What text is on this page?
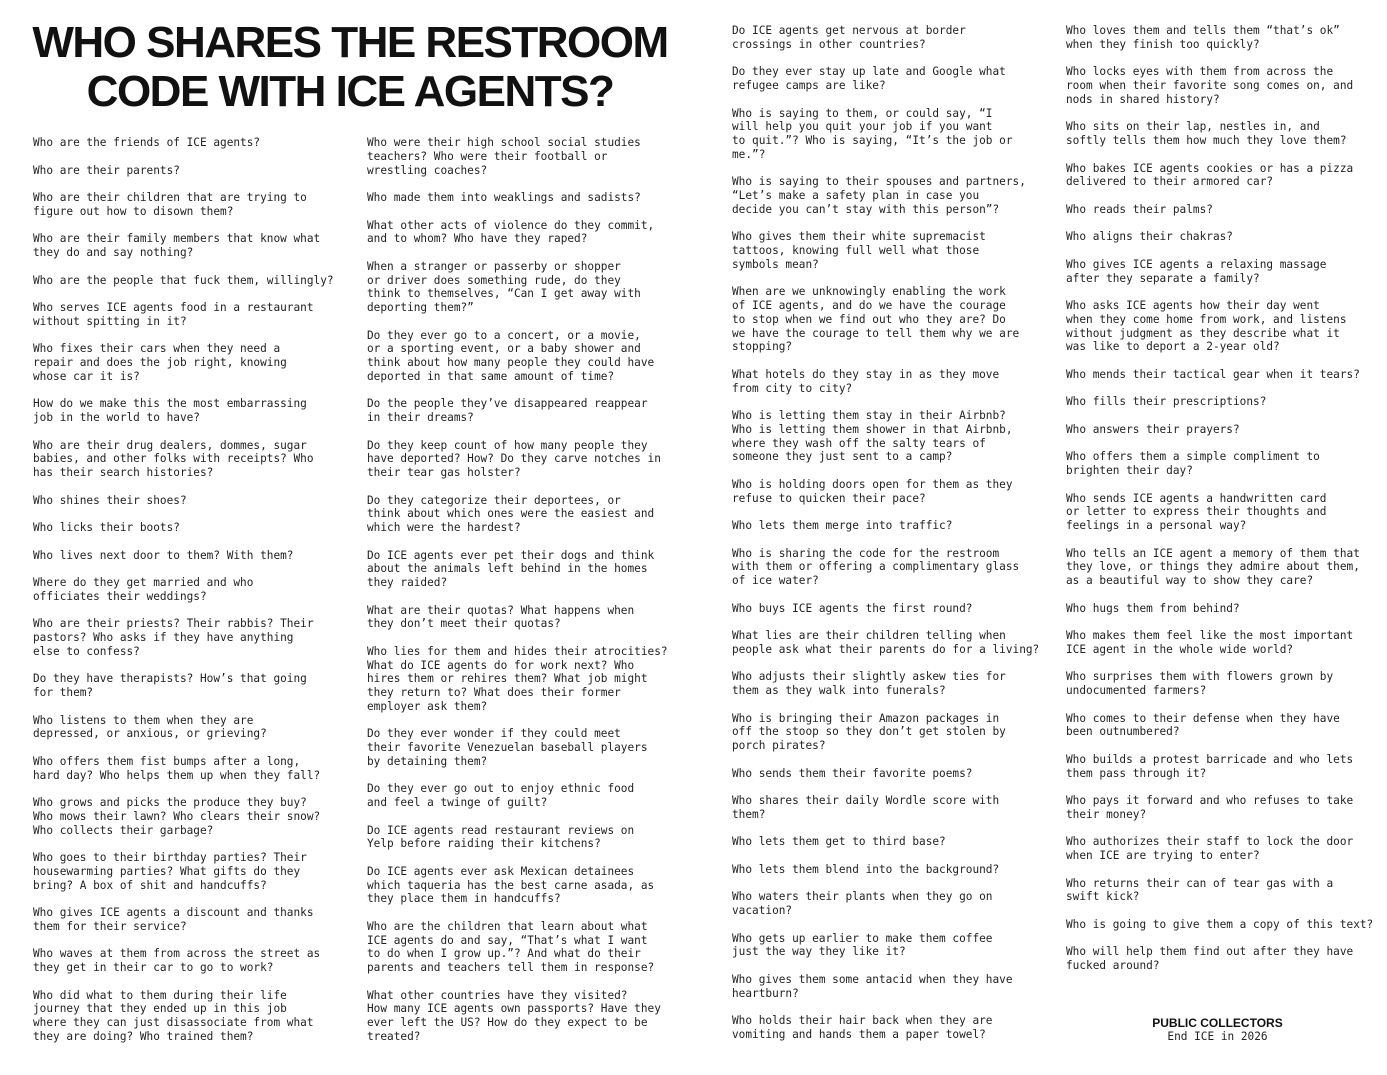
WHO SHARES THE RESTROOM
CODE WITH ICE AGENTS?

Who are the friends of ICE agents?

Who are their parents?

Who are their children that are trying to
figure out how to disown them?

Who are their family members that know what
they do and say nothing?

Who are the people that fuck them, willingly?

Who serves ICE agents food in a restaurant
without spitting in it?

Who fixes their cars when they need a
repair and does the job right, knowing
whose car it is?

How do we make this the most embarrassing
job in the world to have?

Who are their drug dealers, dommes, sugar
babies, and other folks with receipts? Who
has their search histories?

Who shines their shoes?

Who licks their boots?

Who lives next door to them? With them?

Where do they get married and who
officiates their weddings?

Who are their priests? Their rabbis? Their
pastors? Who asks if they have anything
else to confess?

Do they have therapists? How’s that going
for them?

Who listens to them when they are
depressed, or anxious, or grieving?

Who offers them fist bumps after a long,
hard day? Who helps them up when they fall?

Who grows and picks the produce they buy?
Who mows their lawn? Who clears their snow?
Who collects their garbage?

Who goes to their birthday parties? Their
housewarming parties? What gifts do they
bring? A box of shit and handcuffs?

Who gives ICE agents a discount and thanks
them for their service?

Who waves at them from across the street as
they get in their car to go to work?

Who did what to them during their life
journey that they ended up in this job
where they can just disassociate from what
they are doing? Who trained them?

Who were their high school social studies
teachers? Who were their football or
wrestling coaches?

Who made them into weaklings and sadists?

What other acts of violence do they commit,
and to whom? Who have they raped?

When a stranger or passerby or shopper
or driver does something rude, do they
think to themselves, “Can I get away with
deporting them?”

Do they ever go to a concert, or a movie,
or a sporting event, or a baby shower and
think about how many people they could have
deported in that same amount of time?

Do the people they’ve disappeared reappear
in their dreams?

Do they keep count of how many people they
have deported? How? Do they carve notches in
their tear gas holster?

Do they categorize their deportees, or
think about which ones were the easiest and
which were the hardest?

Do ICE agents ever pet their dogs and think
about the animals left behind in the homes
they raided?

What are their quotas? What happens when
they don’t meet their quotas?

Who lies for them and hides their atrocities?
What do ICE agents do for work next? Who
hires them or rehires them? What job might
they return to? What does their former
employer ask them?

Do they ever wonder if they could meet
their favorite Venezuelan baseball players
by detaining them?

Do they ever go out to enjoy ethnic food
and feel a twinge of guilt?

Do ICE agents read restaurant reviews on
Yelp before raiding their kitchens?

Do ICE agents ever ask Mexican detainees
which taqueria has the best carne asada, as
they place them in handcuffs?

Who are the children that learn about what
ICE agents do and say, “That’s what I want
to do when I grow up.”? And what do their
parents and teachers tell them in response?

What other countries have they visited?
How many ICE agents own passports? Have they
ever left the US? How do they expect to be
treated?

Do ICE agents get nervous at border
crossings in other countries?

Do they ever stay up late and Google what
refugee camps are like?

Who is saying to them, or could say, “I
will help you quit your job if you want
to quit.”? Who is saying, “It’s the job or
me.”?

Who is saying to their spouses and partners,
“Let’s make a safety plan in case you
decide you can’t stay with this person”?

Who gives them their white supremacist
tattoos, knowing full well what those
symbols mean?

When are we unknowingly enabling the work
of ICE agents, and do we have the courage
to stop when we find out who they are? Do
we have the courage to tell them why we are
stopping?

What hotels do they stay in as they move
from city to city?

Who is letting them stay in their Airbnb?
Who is letting them shower in that Airbnb,
where they wash off the salty tears of
someone they just sent to a camp?

Who is holding doors open for them as they
refuse to quicken their pace?

Who lets them merge into traffic?

Who is sharing the code for the restroom
with them or offering a complimentary glass
of ice water?

Who buys ICE agents the first round?

What lies are their children telling when
people ask what their parents do for a living?

Who adjusts their slightly askew ties for
them as they walk into funerals?

Who is bringing their Amazon packages in
off the stoop so they don’t get stolen by
porch pirates?

Who sends them their favorite poems?

Who shares their daily Wordle score with
them?

Who lets them get to third base?

Who lets them blend into the background?

Who waters their plants when they go on
vacation?

Who gets up earlier to make them coffee
just the way they like it?

Who gives them some antacid when they have
heartburn?

Who holds their hair back when they are
vomiting and hands them a paper towel?

Who loves them and tells them “that’s ok”
when they finish too quickly?

Who locks eyes with them from across the
room when their favorite song comes on, and
nods in shared history?

Who sits on their lap, nestles in, and
softly tells them how much they love them?

Who bakes ICE agents cookies or has a pizza
delivered to their armored car?

Who reads their palms?

Who aligns their chakras?

Who gives ICE agents a relaxing massage
after they separate a family?

Who asks ICE agents how their day went
when they come home from work, and listens
without judgment as they describe what it
was like to deport a 2-year old?

Who mends their tactical gear when it tears?

Who fills their prescriptions?

Who answers their prayers?

Who offers them a simple compliment to
brighten their day?

Who sends ICE agents a handwritten card
or letter to express their thoughts and
feelings in a personal way?

Who tells an ICE agent a memory of them that
they love, or things they admire about them,
as a beautiful way to show they care?

Who hugs them from behind?

Who makes them feel like the most important
ICE agent in the whole wide world?

Who surprises them with flowers grown by
undocumented farmers?

Who comes to their defense when they have
been outnumbered?

Who builds a protest barricade and who lets
them pass through it?

Who pays it forward and who refuses to take
their money?

Who authorizes their staff to lock the door
when ICE are trying to enter?

Who returns their can of tear gas with a
swift kick?

Who is going to give them a copy of this text?

Who will help them find out after they have
fucked around?

PUBLIC COLLECTORS
End ICE in 2026
